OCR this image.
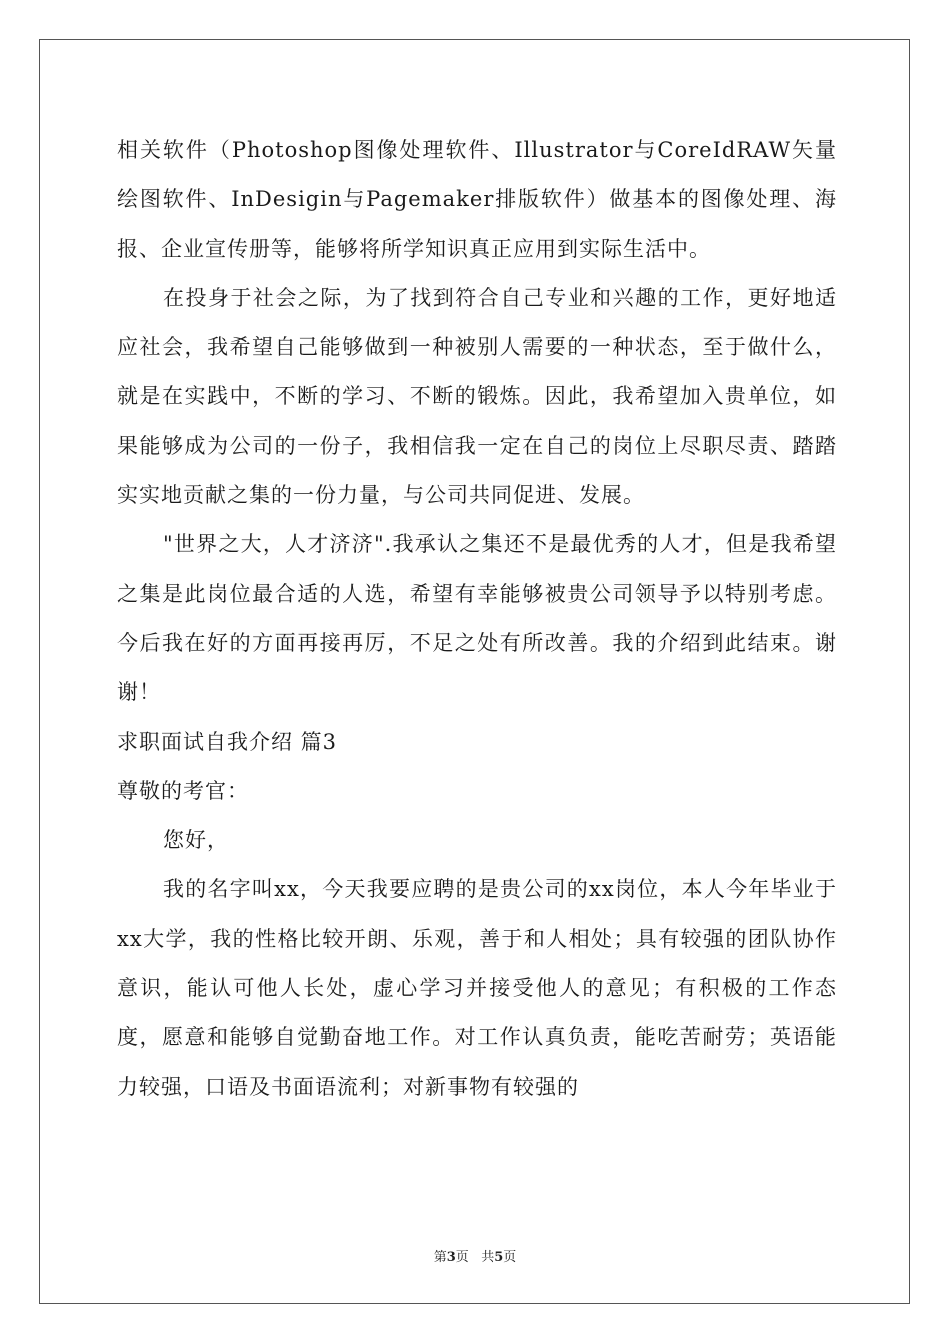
相关软件（Photoshop图像处理软件、Illustrator与CoreIdRAW矢量绘图软件、InDesigin与Pagemaker排版软件）做基本的图像处理、海报、企业宣传册等，能够将所学知识真正应用到实际生活中。

在投身于社会之际，为了找到符合自己专业和兴趣的工作，更好地适应社会，我希望自己能够做到一种被别人需要的一种状态，至于做什么，就是在实践中，不断的学习、不断的锻炼。因此，我希望加入贵单位，如果能够成为公司的一份子，我相信我一定在自己的岗位上尽职尽责、踏踏实实地贡献之集的一份力量，与公司共同促进、发展。

"世界之大，人才济济".我承认之集还不是最优秀的人才，但是我希望之集是此岗位最合适的人选，希望有幸能够被贵公司领导予以特别考虑。今后我在好的方面再接再厉，不足之处有所改善。我的介绍到此结束。谢谢！

求职面试自我介绍 篇3

尊敬的考官：

您好，

我的名字叫xx，今天我要应聘的是贵公司的xx岗位，本人今年毕业于xx大学，我的性格比较开朗、乐观，善于和人相处；具有较强的团队协作意识，能认可他人长处，虚心学习并接受他人的意见；有积极的工作态度，愿意和能够自觉勤奋地工作。对工作认真负责，能吃苦耐劳；英语能力较强，口语及书面语流利；对新事物有较强的

第3页 共5页
